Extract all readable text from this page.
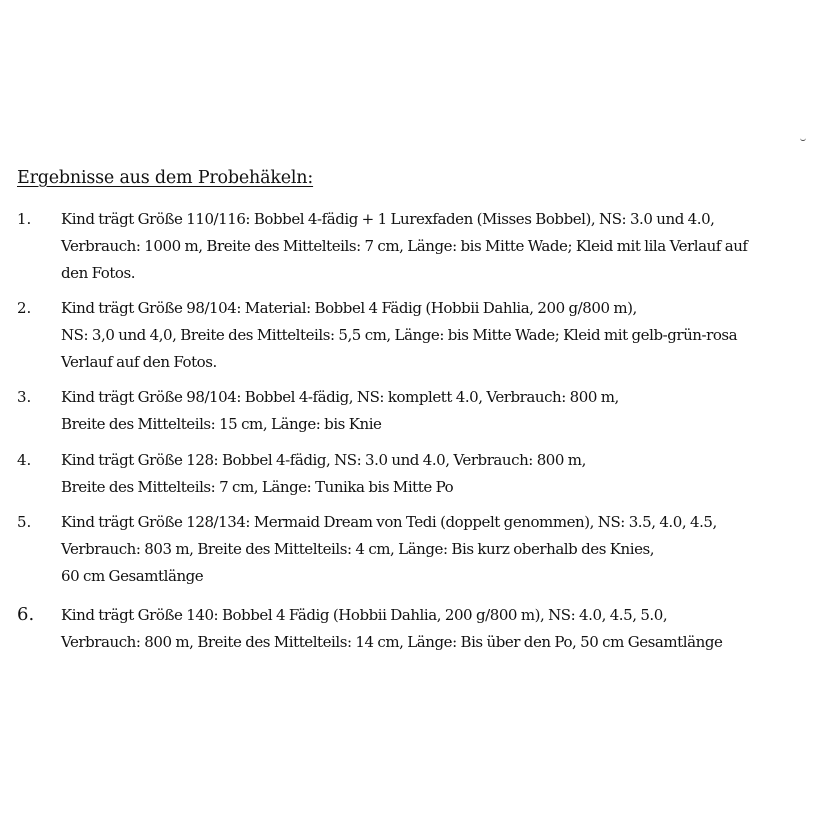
Ergebnisse aus dem Probehäkeln:
1.	Kind trägt Größe 110/116: Bobbel 4-fädig + 1 Lurexfaden (Misses Bobbel), NS: 3.0 und 4.0,
Verbrauch: 1000 m, Breite des Mittelteils: 7 cm, Länge: bis Mitte Wade; Kleid mit lila Verlauf auf
den Fotos.
2.	Kind trägt Größe 98/104: Material: Bobbel 4 Fädig (Hobbii Dahlia, 200 g/800 m),
NS: 3,0 und 4,0, Breite des Mittelteils: 5,5 cm, Länge: bis Mitte Wade; Kleid mit gelb-grün-rosa
Verlauf auf den Fotos.
3.	Kind trägt Größe 98/104: Bobbel 4-fädig, NS: komplett 4.0, Verbrauch: 800 m,
Breite des Mittelteils: 15 cm, Länge: bis Knie
4.	Kind trägt Größe 128: Bobbel 4-fädig, NS: 3.0 und 4.0, Verbrauch: 800 m,
Breite des Mittelteils: 7 cm, Länge: Tunika bis Mitte Po
5.	Kind trägt Größe 128/134: Mermaid Dream von Tedi (doppelt genommen), NS: 3.5, 4.0, 4.5,
Verbrauch: 803 m, Breite des Mittelteils: 4 cm, Länge: Bis kurz oberhalb des Knies,
60 cm Gesamtlänge
6.	Kind trägt Größe 140: Bobbel 4 Fädig (Hobbii Dahlia, 200 g/800 m), NS: 4.0, 4.5, 5.0,
Verbrauch: 800 m, Breite des Mittelteils: 14 cm, Länge: Bis über den Po, 50 cm Gesamtlänge
